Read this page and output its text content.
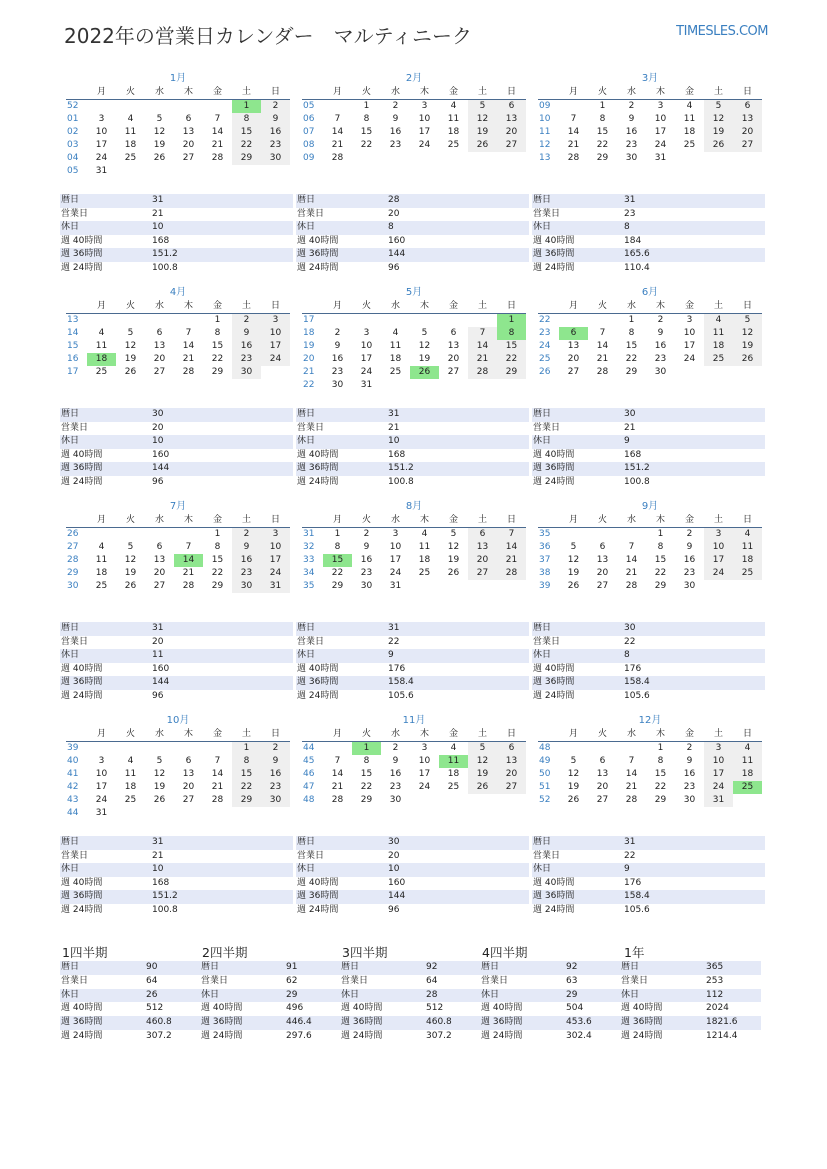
2022年の営業日カレンダー　マルティニーク	TIMESLES.COM
1月
	月	火	水	木	金	土	日
52						1	2
01	3	4	5	6	7	8	9
02	10	11	12	13	14	15	16
03	17	18	19	20	21	22	23
04	24	25	26	27	28	29	30
05	31						
暦日	31
営業日	21
休日	10
週 40時間	168
週 36時間	151.2
週 24時間	100.8
2月
	月	火	水	木	金	土	日
05		1	2	3	4	5	6
06	7	8	9	10	11	12	13
07	14	15	16	17	18	19	20
08	21	22	23	24	25	26	27
09	28						
暦日	28
営業日	20
休日	8
週 40時間	160
週 36時間	144
週 24時間	96
3月
	月	火	水	木	金	土	日
09		1	2	3	4	5	6
10	7	8	9	10	11	12	13
11	14	15	16	17	18	19	20
12	21	22	23	24	25	26	27
13	28	29	30	31			
暦日	31
営業日	23
休日	8
週 40時間	184
週 36時間	165.6
週 24時間	110.4
4月
	月	火	水	木	金	土	日
13					1	2	3
14	4	5	6	7	8	9	10
15	11	12	13	14	15	16	17
16	18	19	20	21	22	23	24
17	25	26	27	28	29	30	
暦日	30
営業日	20
休日	10
週 40時間	160
週 36時間	144
週 24時間	96
5月
	月	火	水	木	金	土	日
17							1
18	2	3	4	5	6	7	8
19	9	10	11	12	13	14	15
20	16	17	18	19	20	21	22
21	23	24	25	26	27	28	29
22	30	31					
暦日	31
営業日	21
休日	10
週 40時間	168
週 36時間	151.2
週 24時間	100.8
6月
	月	火	水	木	金	土	日
22			1	2	3	4	5
23	6	7	8	9	10	11	12
24	13	14	15	16	17	18	19
25	20	21	22	23	24	25	26
26	27	28	29	30			
暦日	30
営業日	21
休日	9
週 40時間	168
週 36時間	151.2
週 24時間	100.8
7月
	月	火	水	木	金	土	日
26					1	2	3
27	4	5	6	7	8	9	10
28	11	12	13	14	15	16	17
29	18	19	20	21	22	23	24
30	25	26	27	28	29	30	31
暦日	31
営業日	20
休日	11
週 40時間	160
週 36時間	144
週 24時間	96
8月
	月	火	水	木	金	土	日
31	1	2	3	4	5	6	7
32	8	9	10	11	12	13	14
33	15	16	17	18	19	20	21
34	22	23	24	25	26	27	28
35	29	30	31				
暦日	31
営業日	22
休日	9
週 40時間	176
週 36時間	158.4
週 24時間	105.6
9月
	月	火	水	木	金	土	日
35				1	2	3	4
36	5	6	7	8	9	10	11
37	12	13	14	15	16	17	18
38	19	20	21	22	23	24	25
39	26	27	28	29	30		
暦日	30
営業日	22
休日	8
週 40時間	176
週 36時間	158.4
週 24時間	105.6
10月
	月	火	水	木	金	土	日
39						1	2
40	3	4	5	6	7	8	9
41	10	11	12	13	14	15	16
42	17	18	19	20	21	22	23
43	24	25	26	27	28	29	30
44	31						
暦日	31
営業日	21
休日	10
週 40時間	168
週 36時間	151.2
週 24時間	100.8
11月
	月	火	水	木	金	土	日
44		1	2	3	4	5	6
45	7	8	9	10	11	12	13
46	14	15	16	17	18	19	20
47	21	22	23	24	25	26	27
48	28	29	30				
暦日	30
営業日	20
休日	10
週 40時間	160
週 36時間	144
週 24時間	96
12月
	月	火	水	木	金	土	日
48				1	2	3	4
49	5	6	7	8	9	10	11
50	12	13	14	15	16	17	18
51	19	20	21	22	23	24	25
52	26	27	28	29	30	31	
暦日	31
営業日	22
休日	9
週 40時間	176
週 36時間	158.4
週 24時間	105.6
1四半期
暦日	90
営業日	64
休日	26
週 40時間	512
週 36時間	460.8
週 24時間	307.2
2四半期
暦日	91
営業日	62
休日	29
週 40時間	496
週 36時間	446.4
週 24時間	297.6
3四半期
暦日	92
営業日	64
休日	28
週 40時間	512
週 36時間	460.8
週 24時間	307.2
4四半期
暦日	92
営業日	63
休日	29
週 40時間	504
週 36時間	453.6
週 24時間	302.4
1年
暦日	365
営業日	253
休日	112
週 40時間	2024
週 36時間	1821.6
週 24時間	1214.4
